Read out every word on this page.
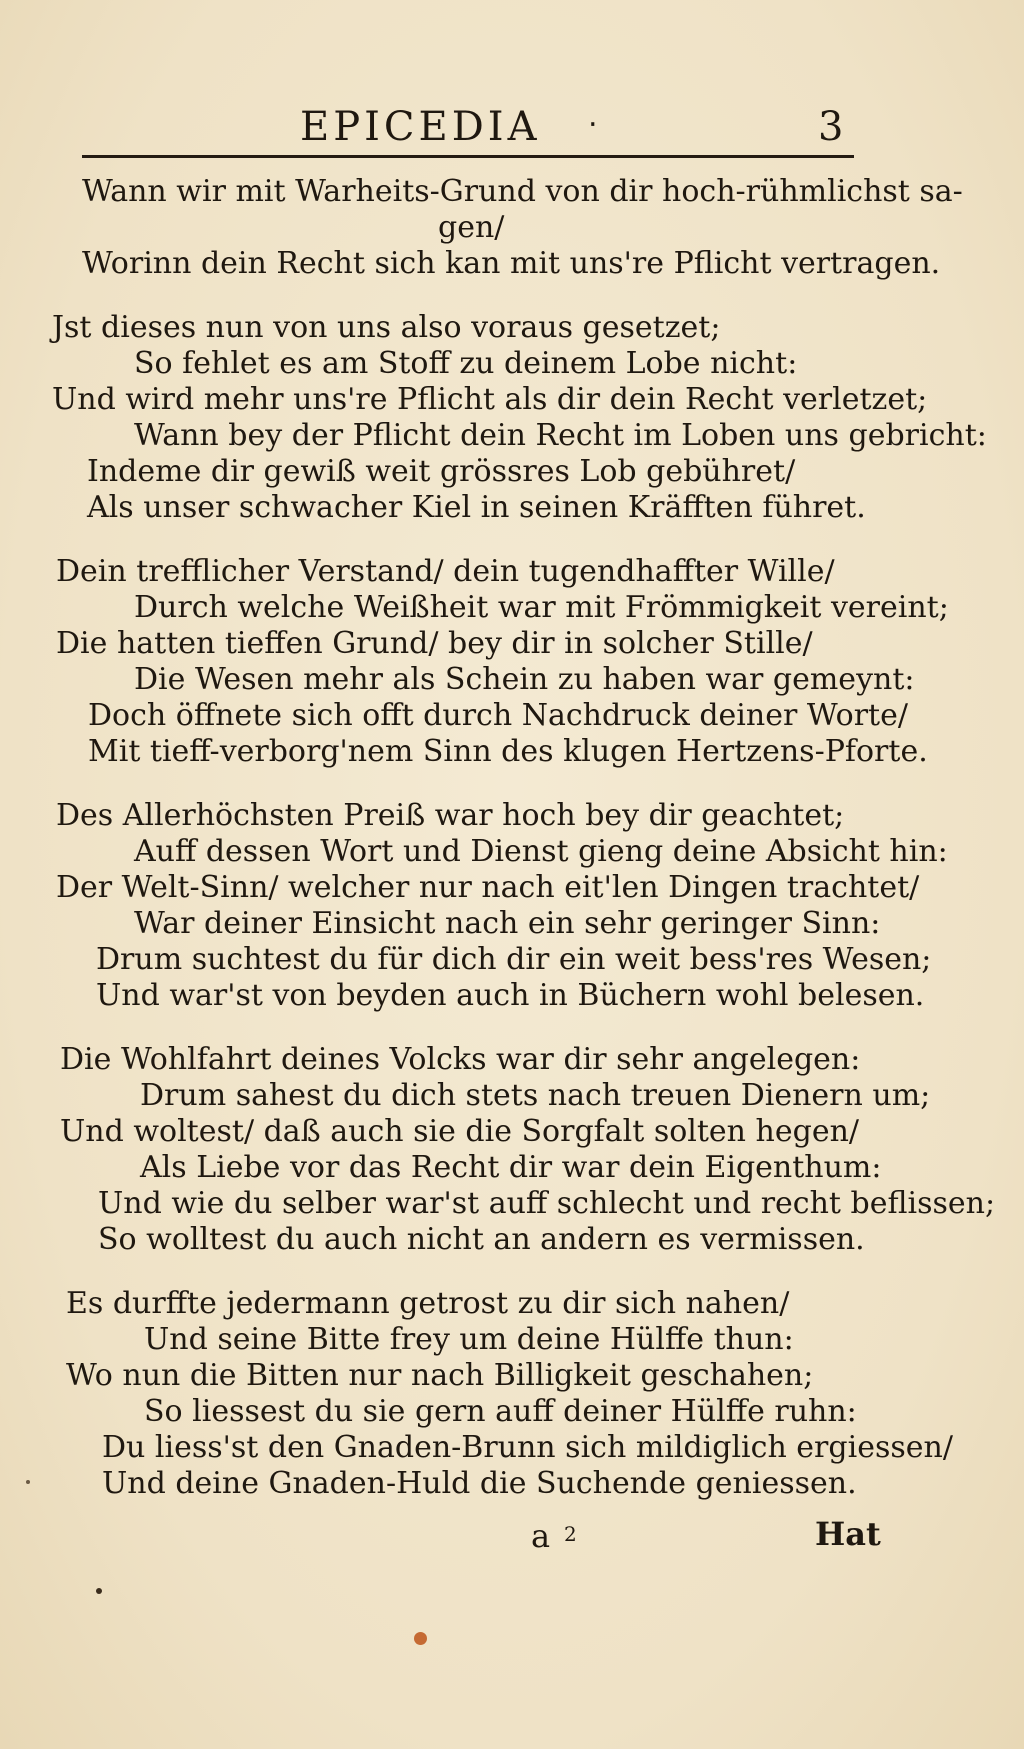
EPICEDIA ‧	3
Wann wir mit Warheits-Grund von dir hoch-rühmlichst sa-
gen/
Worinn dein Recht sich kan mit uns're Pflicht vertragen.
Jst dieses nun von uns also voraus gesetzet;
So fehlet es am Stoff zu deinem Lobe nicht:
Und wird mehr uns're Pflicht als dir dein Recht verletzet;
Wann bey der Pflicht dein Recht im Loben uns gebricht:
Indeme dir gewiß weit grössres Lob gebühret/
Als unser schwacher Kiel in seinen Kräfften führet.
Dein trefflicher Verstand/ dein tugendhaffter Wille/
Durch welche Weißheit war mit Frömmigkeit vereint;
Die hatten tieffen Grund/ bey dir in solcher Stille/
Die Wesen mehr als Schein zu haben war gemeynt:
Doch öffnete sich offt durch Nachdruck deiner Worte/
Mit tieff-verborg'nem Sinn des klugen Hertzens-Pforte.
Des Allerhöchsten Preiß war hoch bey dir geachtet;
Auff dessen Wort und Dienst gieng deine Absicht hin:
Der Welt-Sinn/ welcher nur nach eit'len Dingen trachtet/
War deiner Einsicht nach ein sehr geringer Sinn:
Drum suchtest du für dich dir ein weit bess'res Wesen;
Und war'st von beyden auch in Büchern wohl belesen.
Die Wohlfahrt deines Volcks war dir sehr angelegen:
Drum sahest du dich stets nach treuen Dienern um;
Und woltest/ daß auch sie die Sorgfalt solten hegen/
Als Liebe vor das Recht dir war dein Eigenthum:
Und wie du selber war'st auff schlecht und recht beflissen;
So wolltest du auch nicht an andern es vermissen.
Es durffte jedermann getrost zu dir sich nahen/
Und seine Bitte frey um deine Hülffe thun:
Wo nun die Bitten nur nach Billigkeit geschahen;
So liessest du sie gern auff deiner Hülffe ruhn:
Du liess'st den Gnaden-Brunn sich mildiglich ergiessen/
Und deine Gnaden-Huld die Suchende geniessen.
a 2	Hat
